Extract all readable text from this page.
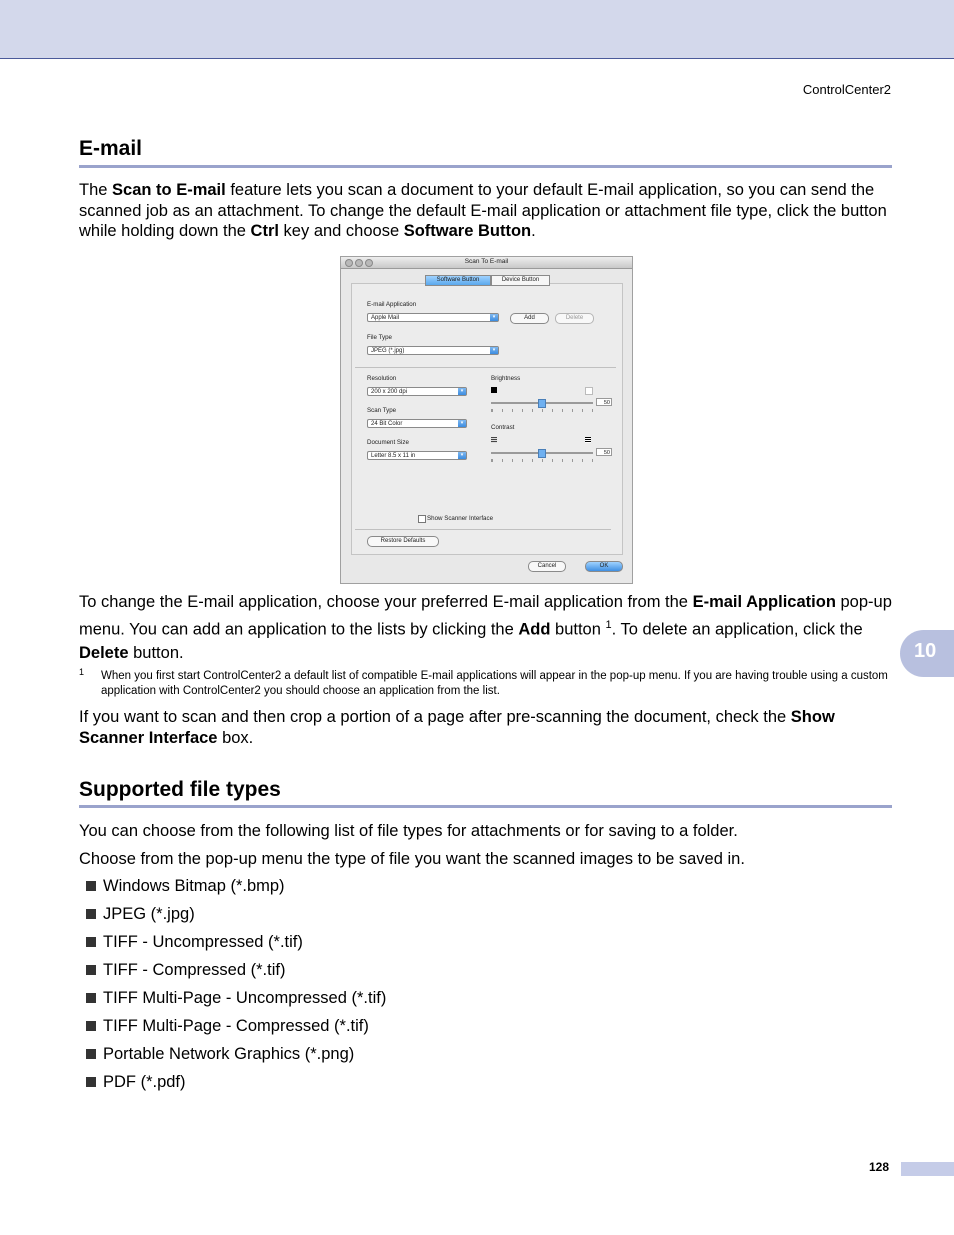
ControlCenter2
10
E-mail

The Scan to E-mail feature lets you scan a document to your default E-mail application, so you can send the scanned job as an attachment. To change the default E-mail application or attachment file type, click the button while holding down the Ctrl key and choose Software Button.

Scan To E-mail
Software Button	Device Button
E-mail Application
Apple Mail	▾	Add	Delete
File Type
JPEG (*.jpg)	▾
Resolution
200 x 200 dpi	▾
Scan Type
24 Bit Color	▾
Document Size
Letter 8.5 x 11 in	▾
Brightness
50
Contrast
50
Show Scanner Interface
Restore Defaults
Cancel	OK

To change the E-mail application, choose your preferred E-mail application from the E-mail Application pop-up menu. You can add an application to the lists by clicking the Add button $^1$. To delete an application, click the Delete button.

1 When you first start ControlCenter2 a default list of compatible E-mail applications will appear in the pop-up menu. If you are having trouble using a custom application with ControlCenter2 you should choose an application from the list.

If you want to scan and then crop a portion of a page after pre-scanning the document, check the Show Scanner Interface box.

Supported file types

You can choose from the following list of file types for attachments or for saving to a folder.

Choose from the pop-up menu the type of file you want the scanned images to be saved in.

Windows Bitmap (*.bmp)
JPEG (*.jpg)
TIFF - Uncompressed (*.tif)
TIFF - Compressed (*.tif)
TIFF Multi-Page - Uncompressed (*.tif)
TIFF Multi-Page - Compressed (*.tif)
Portable Network Graphics (*.png)
PDF (*.pdf)
128
